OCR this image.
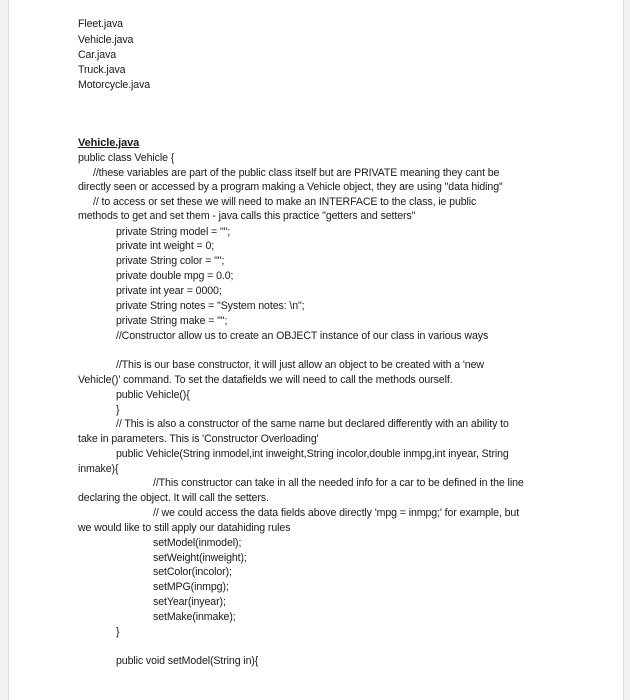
Fleet.java
Vehicle.java
Car.java
Truck.java
Motorcycle.java
Vehicle.java
public class Vehicle {
//these variables are part of the public class itself but are PRIVATE meaning they cant be
directly seen or accessed by a program making a Vehicle object, they are using "data hiding"
// to access or set these we will need to make an INTERFACE to the class, ie public
methods to get and set them - java calls this practice "getters and setters"
private String model = "";
private int weight = 0;
private String color = "";
private double mpg = 0.0;
private int year = 0000;
private String notes = "System notes: \n";
private String make = "";
//Constructor allow us to create an OBJECT instance of our class in various ways
//This is our base constructor, it will just allow an object to be created with a 'new
Vehicle()' command. To set the datafields we will need to call the methods ourself.
public Vehicle(){
}
// This is also a constructor of the same name but declared differently with an ability to
take in parameters. This is 'Constructor Overloading'
public Vehicle(String inmodel,int inweight,String incolor,double inmpg,int inyear, String
inmake){
//This constructor can take in all the needed info for a car to be defined in the line
declaring the object. It will call the setters.
// we could access the data fields above directly 'mpg = inmpg;' for example, but
we would like to still apply our datahiding rules
setModel(inmodel);
setWeight(inweight);
setColor(incolor);
setMPG(inmpg);
setYear(inyear);
setMake(inmake);
}
public void setModel(String in){
